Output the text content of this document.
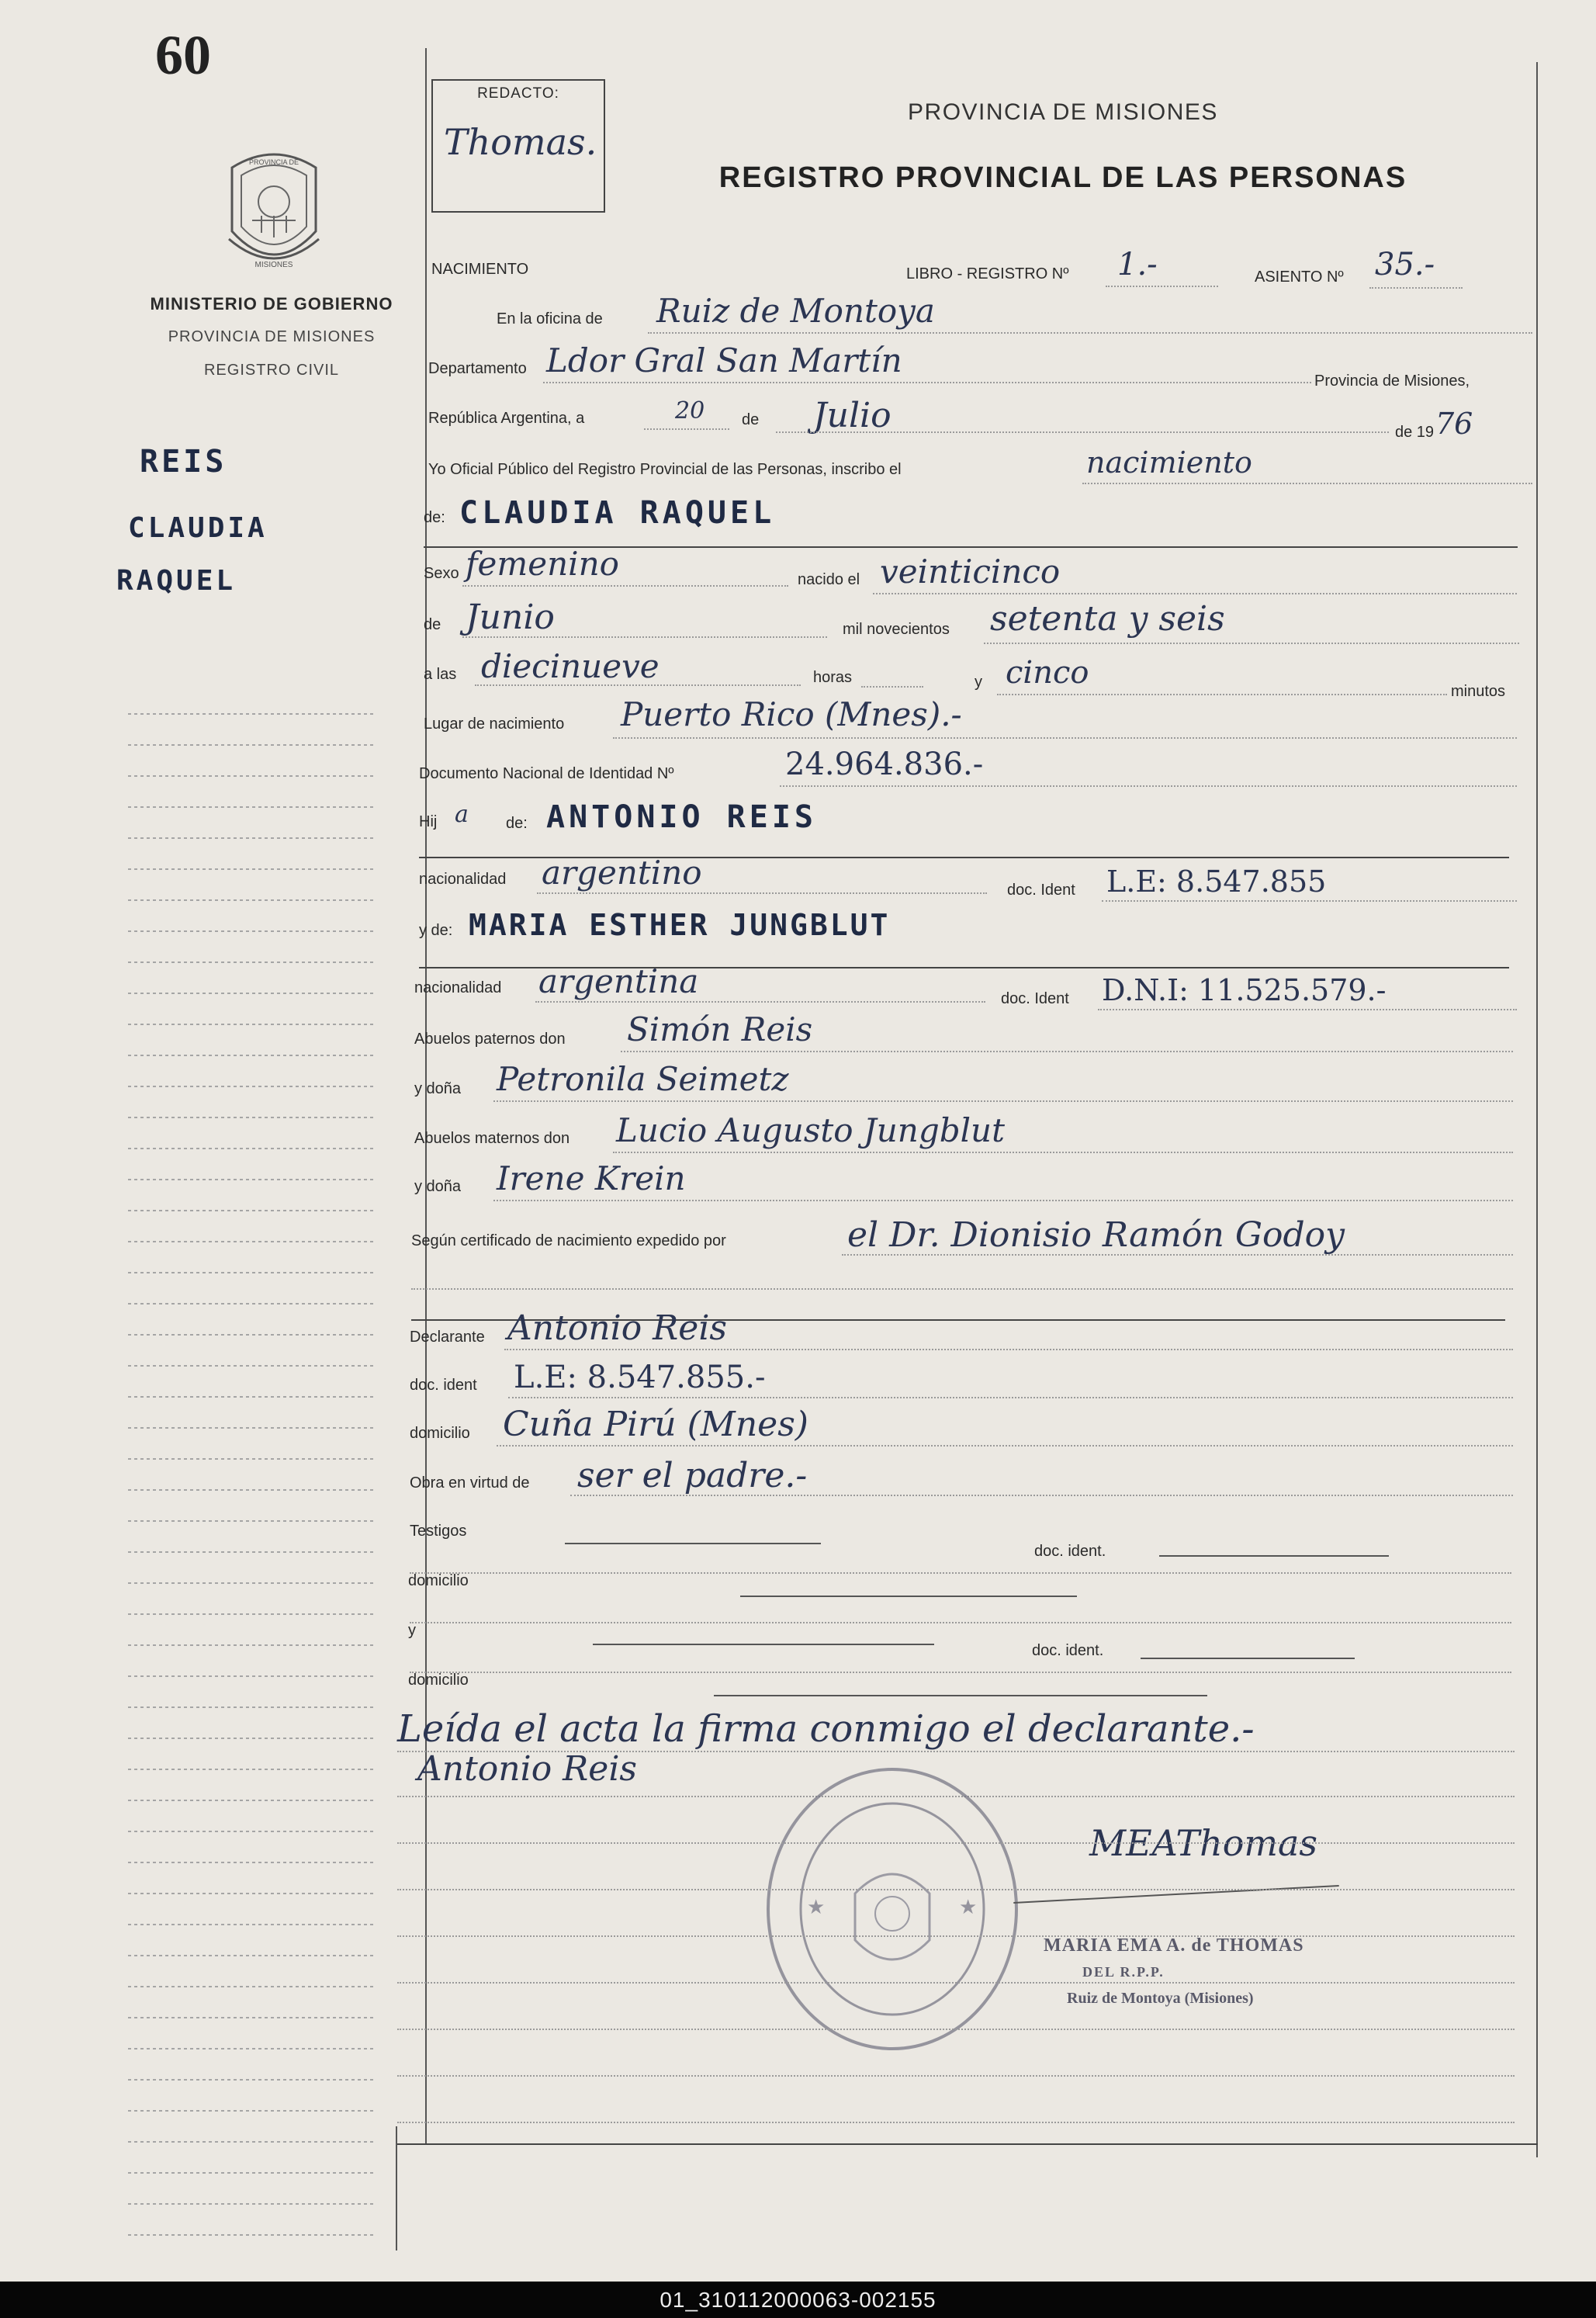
60
PROVINCIA DE
MISIONES
MINISTERIO DE GOBIERNO
PROVINCIA DE MISIONES
REGISTRO CIVIL
REIS
CLAUDIA
RAQUEL
REDACTO:
Thomas.
PROVINCIA DE MISIONES
REGISTRO PROVINCIAL DE LAS PERSONAS
NACIMIENTO	LIBRO - REGISTRO Nº 1.-	ASIENTO Nº 35.-
En la oficina de Ruiz de Montoya
Departamento Ldor Gral San Martín
Provincia de Misiones,
República Argentina, a	20 de Julio	de 19 76
Yo Oficial Público del Registro Provincial de las Personas, inscribo el	nacimiento
de: CLAUDIA RAQUEL
Sexo femenino	nacido el veinticinco
de Junio	mil novecientos setenta y seis
a las diecinueve	horas	y cinco
minutos
Lugar de nacimiento Puerto Rico (Mnes).-
Documento Nacional de Identidad Nº	24.964.836.-
Hij a de: ANTONIO REIS
nacionalidad argentino	doc. Ident L.E: 8.547.855
y de: MARIA ESTHER JUNGBLUT
nacionalidad argentina	doc. Ident D.N.I: 11.525.579.-
Abuelos paternos don Simón Reis
y doña Petronila Seimetz
Abuelos maternos don Lucio Augusto Jungblut
y doña Irene Krein
Según certificado de nacimiento expedido por	el Dr. Dionisio Ramón Godoy
Declarante Antonio Reis
doc. ident L.E: 8.547.855.-
domicilio Cuña Pirú (Mnes)
Obra en virtud de ser el padre.-
Testigos
doc. ident.
domicilio
y
doc. ident.
domicilio
Leída el acta la firma conmigo el declarante.-
Antonio Reis
★	★
MEAThomas
MARIA EMA A. de THOMAS
DEL R.P.P.
Ruiz de Montoya (Misiones)
01_310112000063-002155
